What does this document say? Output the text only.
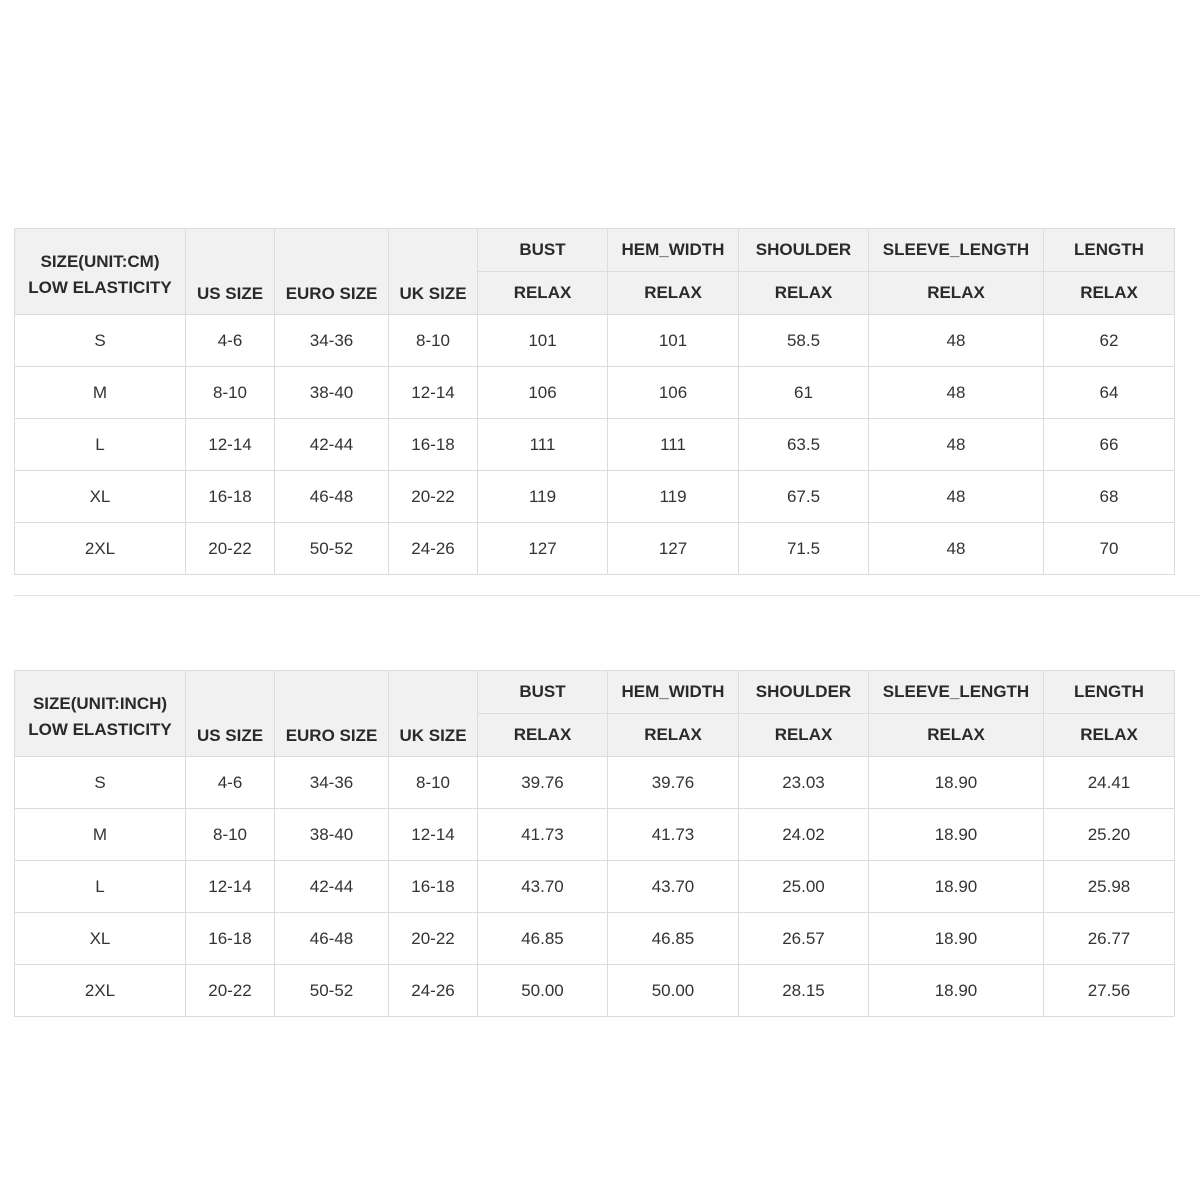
SIZE(UNIT:CM)
LOW ELASTICITY	US SIZE	EURO SIZE	UK SIZE	BUST	HEM_WIDTH	SHOULDER	SLEEVE_LENGTH	LENGTH
				RELAX	RELAX	RELAX	RELAX	RELAX
S	4-6	34-36	8-10	101	101	58.5	48	62
M	8-10	38-40	12-14	106	106	61	48	64
L	12-14	42-44	16-18	111	111	63.5	48	66
XL	16-18	46-48	20-22	119	119	67.5	48	68
2XL	20-22	50-52	24-26	127	127	71.5	48	70
SIZE(UNIT:INCH)
LOW ELASTICITY	US SIZE	EURO SIZE	UK SIZE	BUST	HEM_WIDTH	SHOULDER	SLEEVE_LENGTH	LENGTH
				RELAX	RELAX	RELAX	RELAX	RELAX
S	4-6	34-36	8-10	39.76	39.76	23.03	18.90	24.41
M	8-10	38-40	12-14	41.73	41.73	24.02	18.90	25.20
L	12-14	42-44	16-18	43.70	43.70	25.00	18.90	25.98
XL	16-18	46-48	20-22	46.85	46.85	26.57	18.90	26.77
2XL	20-22	50-52	24-26	50.00	50.00	28.15	18.90	27.56
